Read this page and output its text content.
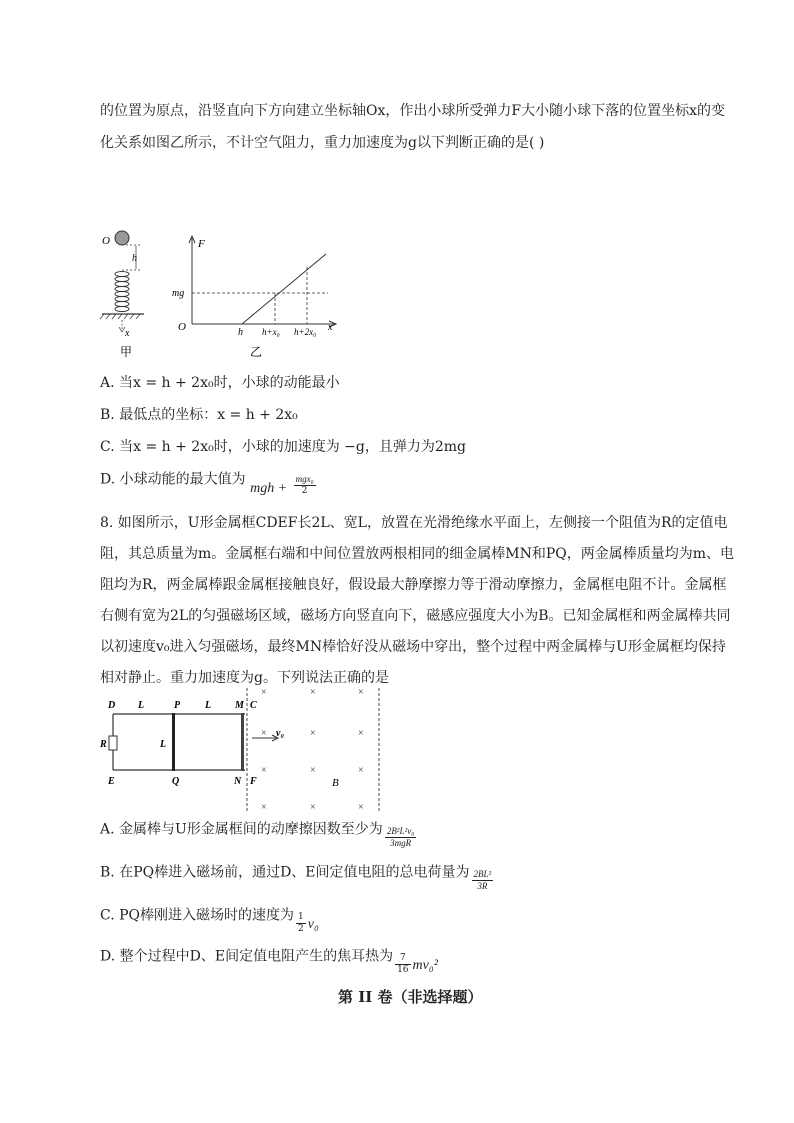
的位置为原点，沿竖直向下方向建立坐标轴Ox，作出小球所受弹力F大小随小球下落的位置坐标x的变
化关系如图乙所示，不计空气阻力，重力加速度为g以下判断正确的是( )
O
h
x
甲
F
mg
O	h h+x₀ h+2x₀ x
乙
A. 当x = h + 2x₀时，小球的动能最小
B. 最低点的坐标：x = h + 2x₀
C. 当x = h + 2x₀时，小球的加速度为 −g，且弹力为2mg
D. 小球动能的最大值为 mgh + $\frac{\text{mgx₀}}{2}$
8. 如图所示，U形金属框CDEF长2L、宽L，放置在光滑绝缘水平面上，左侧接一个阻值为R的定值电
阻，其总质量为m。金属框右端和中间位置放两根相同的细金属棒MN和PQ，两金属棒质量均为m、电
阻均为R，两金属棒跟金属框接触良好，假设最大静摩擦力等于滑动摩擦力，金属框电阻不计。金属框
右侧有宽为2L的匀强磁场区域，磁场方向竖直向下，磁感应强度大小为B。已知金属框和两金属棒共同
以初速度v₀进入匀强磁场，最终MN棒恰好没从磁场中穿出，整个过程中两金属棒与U形金属框均保持
相对静止。重力加速度为g。下列说法正确的是
D L	P L M C
R	L
E	Q	N F
v₀
×	×	×
×	×	×
×	×	×
×	×	×
B
A. 金属棒与U形金属框间的动摩擦因数至少为 $\frac{\text{2B²L²v₀}}{\text{3mgR}}$
B. 在PQ棒进入磁场前，通过D、E间定值电阻的总电荷量为 $\frac{\text{2BL²}}{3R}$
C. PQ棒刚进入磁场时的速度为 $\frac{1}{2} v_0$
D. 整个过程中D、E间定值电阻产生的焦耳热为 $\frac{7}{16} mv_0^2$
第 II 卷（非选择题）
